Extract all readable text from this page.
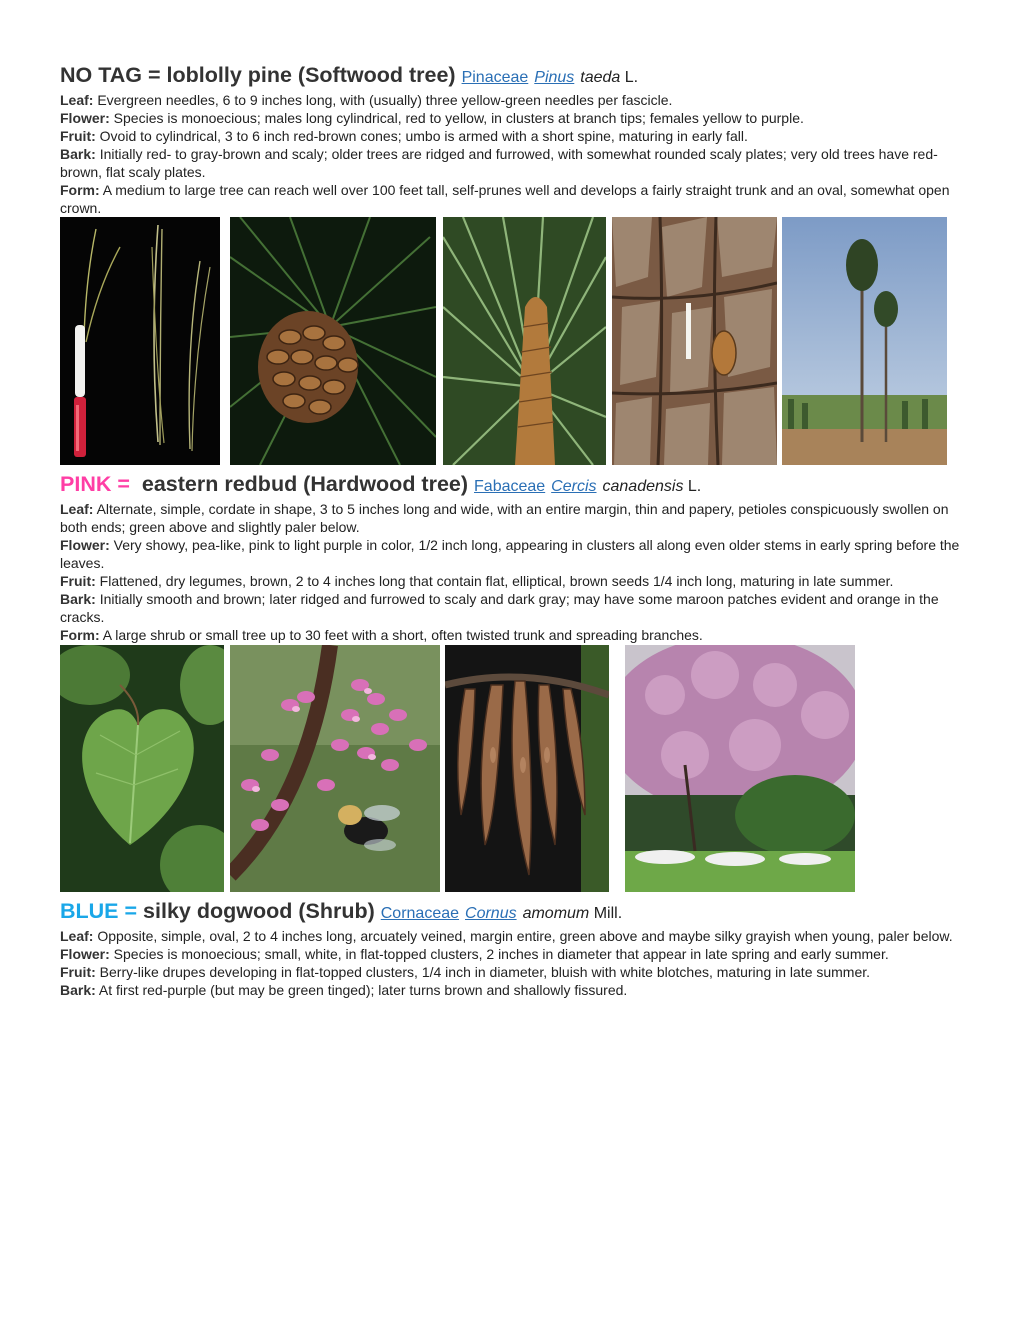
NO TAG = loblolly pine (Softwood tree) Pinaceae Pinus taeda L.
Leaf: Evergreen needles, 6 to 9 inches long, with (usually) three yellow-green needles per fascicle.
Flower: Species is monoecious; males long cylindrical, red to yellow, in clusters at branch tips; females yellow to purple.
Fruit: Ovoid to cylindrical, 3 to 6 inch red-brown cones; umbo is armed with a short spine, maturing in early fall.
Bark: Initially red- to gray-brown and scaly; older trees are ridged and furrowed, with somewhat rounded scaly plates; very old trees have red-brown, flat scaly plates.
Form: A medium to large tree can reach well over 100 feet tall, self-prunes well and develops a fairly straight trunk and an oval, somewhat open crown.
PINK = eastern redbud (Hardwood tree) Fabaceae Cercis canadensis L.
Leaf: Alternate, simple, cordate in shape, 3 to 5 inches long and wide, with an entire margin, thin and papery, petioles conspicuously swollen on both ends; green above and slightly paler below.
Flower: Very showy, pea-like, pink to light purple in color, 1/2 inch long, appearing in clusters all along even older stems in early spring before the leaves.
Fruit: Flattened, dry legumes, brown, 2 to 4 inches long that contain flat, elliptical, brown seeds 1/4 inch long, maturing in late summer.
Bark: Initially smooth and brown; later ridged and furrowed to scaly and dark gray; may have some maroon patches evident and orange in the cracks.
Form: A large shrub or small tree up to 30 feet with a short, often twisted trunk and spreading branches.
BLUE = silky dogwood (Shrub) Cornaceae Cornus amomum Mill.
Leaf: Opposite, simple, oval, 2 to 4 inches long, arcuately veined, margin entire, green above and maybe silky grayish when young, paler below.
Flower: Species is monoecious; small, white, in flat-topped clusters, 2 inches in diameter that appear in late spring and early summer.
Fruit: Berry-like drupes developing in flat-topped clusters, 1/4 inch in diameter, bluish with white blotches, maturing in late summer.
Bark: At first red-purple (but may be green tinged); later turns brown and shallowly fissured.
